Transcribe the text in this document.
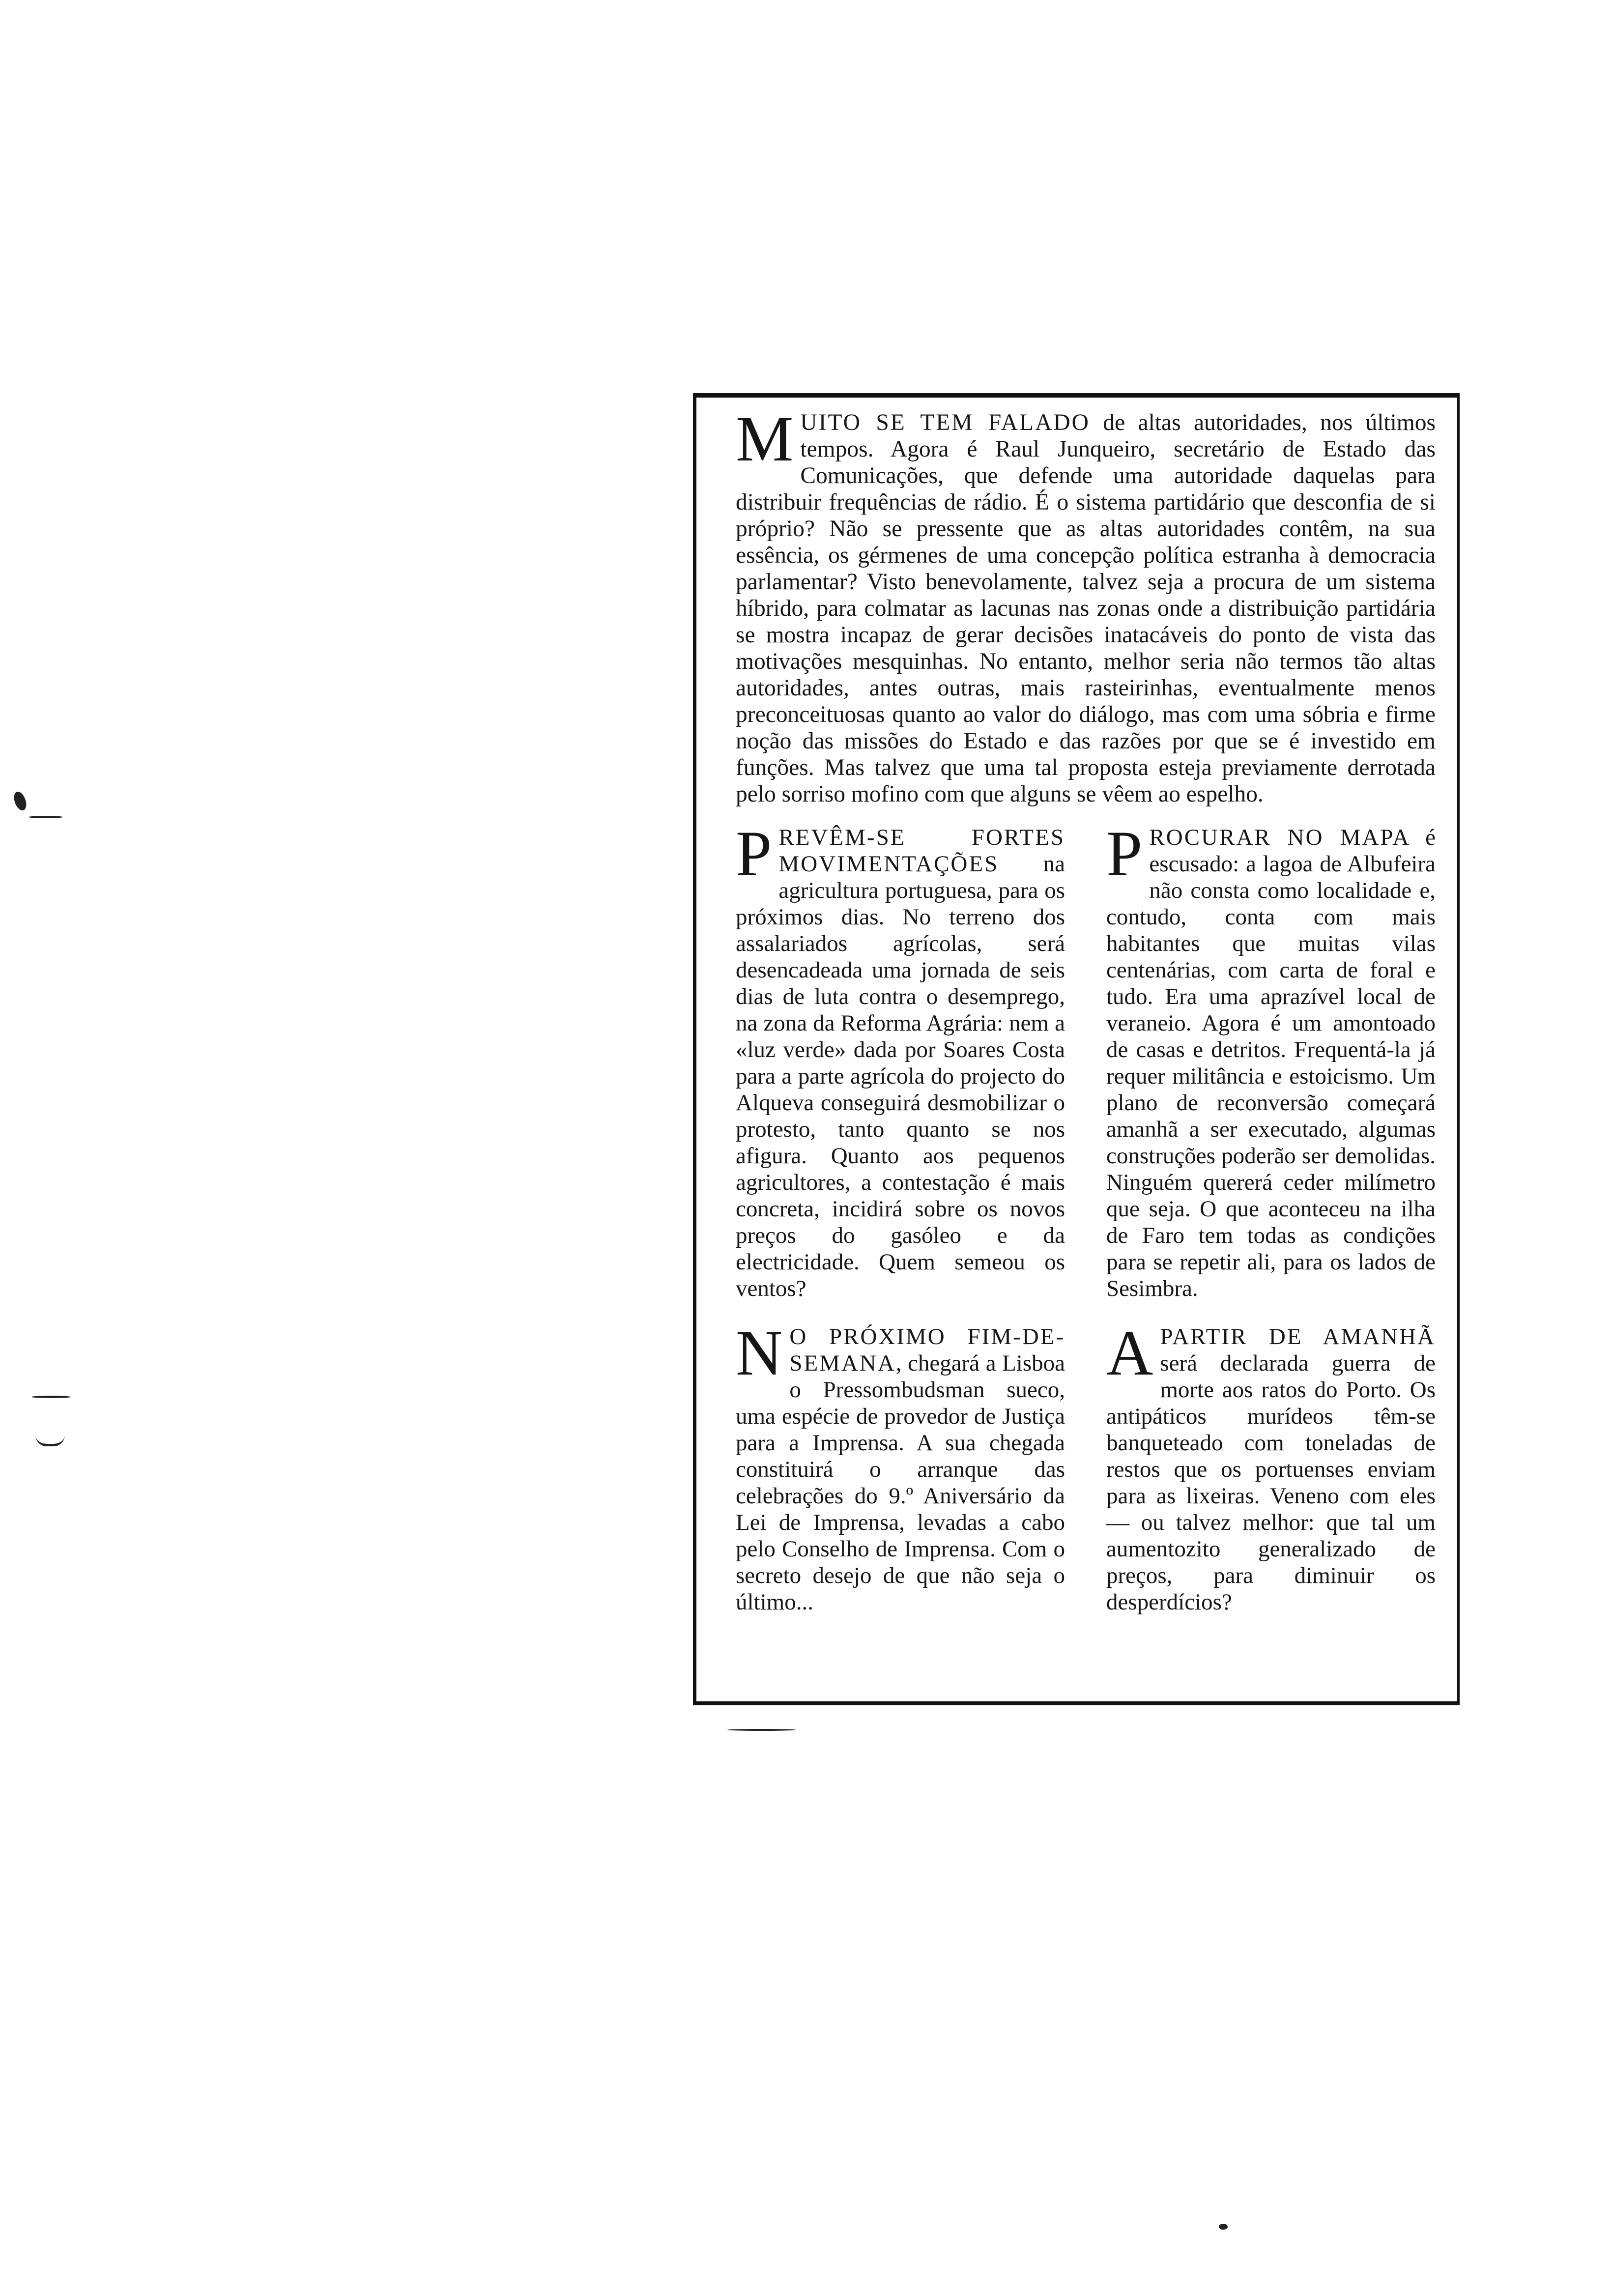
MUITO SE TEM FALADO de altas autoridades, nos últimos tempos. Agora é Raul Junqueiro, secretário de Estado das Comunicações, que defende uma autoridade daquelas para distribuir frequências de rádio. É o sistema partidário que desconfia de si próprio? Não se pressente que as altas autoridades contêm, na sua essência, os gérmenes de uma concepção política estranha à democracia parlamentar? Visto benevolamente, talvez seja a procura de um sistema híbrido, para colmatar as lacunas nas zonas onde a distribuição partidária se mostra incapaz de gerar decisões inatacáveis do ponto de vista das motivações mesquinhas. No entanto, melhor seria não termos tão altas autoridades, antes outras, mais rasteirinhas, eventualmente menos preconceituosas quanto ao valor do diálogo, mas com uma sóbria e firme noção das missões do Estado e das razões por que se é investido em funções. Mas talvez que uma tal proposta esteja previamente derrotada pelo sorriso mofino com que alguns se vêem ao espelho.

PREVÊM-SE FORTES MOVIMENTAÇÕES na agricultura portuguesa, para os próximos dias. No terreno dos assalariados agrícolas, será desencadeada uma jornada de seis dias de luta contra o desemprego, na zona da Reforma Agrária: nem a «luz verde» dada por Soares Costa para a parte agrícola do projecto do Alqueva conseguirá desmobilizar o protesto, tanto quanto se nos afigura. Quanto aos pequenos agricultores, a contestação é mais concreta, incidirá sobre os novos preços do gasóleo e da electricidade. Quem semeou os ventos?

N O PRÓXIMO FIM-DE-SEMANA, chegará a Lisboa o Pressombudsman sueco, uma espécie de provedor de Justiça para a Imprensa. A sua chegada constituirá o arranque das celebrações do 9.º Aniversário da Lei de Imprensa, levadas a cabo pelo Conselho de Imprensa. Com o secreto desejo de que não seja o último...

PROCURAR NO MAPA é escusado: a lagoa de Albufeira não consta como localidade e, contudo, conta com mais habitantes que muitas vilas centenárias, com carta de foral e tudo. Era uma aprazível local de veraneio. Agora é um amontoado de casas e detritos. Frequentá-la já requer militância e estoicismo. Um plano de reconversão começará amanhã a ser executado, algumas construções poderão ser demolidas. Ninguém quererá ceder milímetro que seja. O que aconteceu na ilha de Faro tem todas as condições para se repetir ali, para os lados de Sesimbra.

APARTIR DE AMANHÃ será declarada guerra de morte aos ratos do Porto. Os antipáticos murídeos têm-se banqueteado com toneladas de restos que os portuenses enviam para as lixeiras. Veneno com eles — ou talvez melhor: que tal um aumentozito generalizado de preços, para diminuir os desperdícios?
